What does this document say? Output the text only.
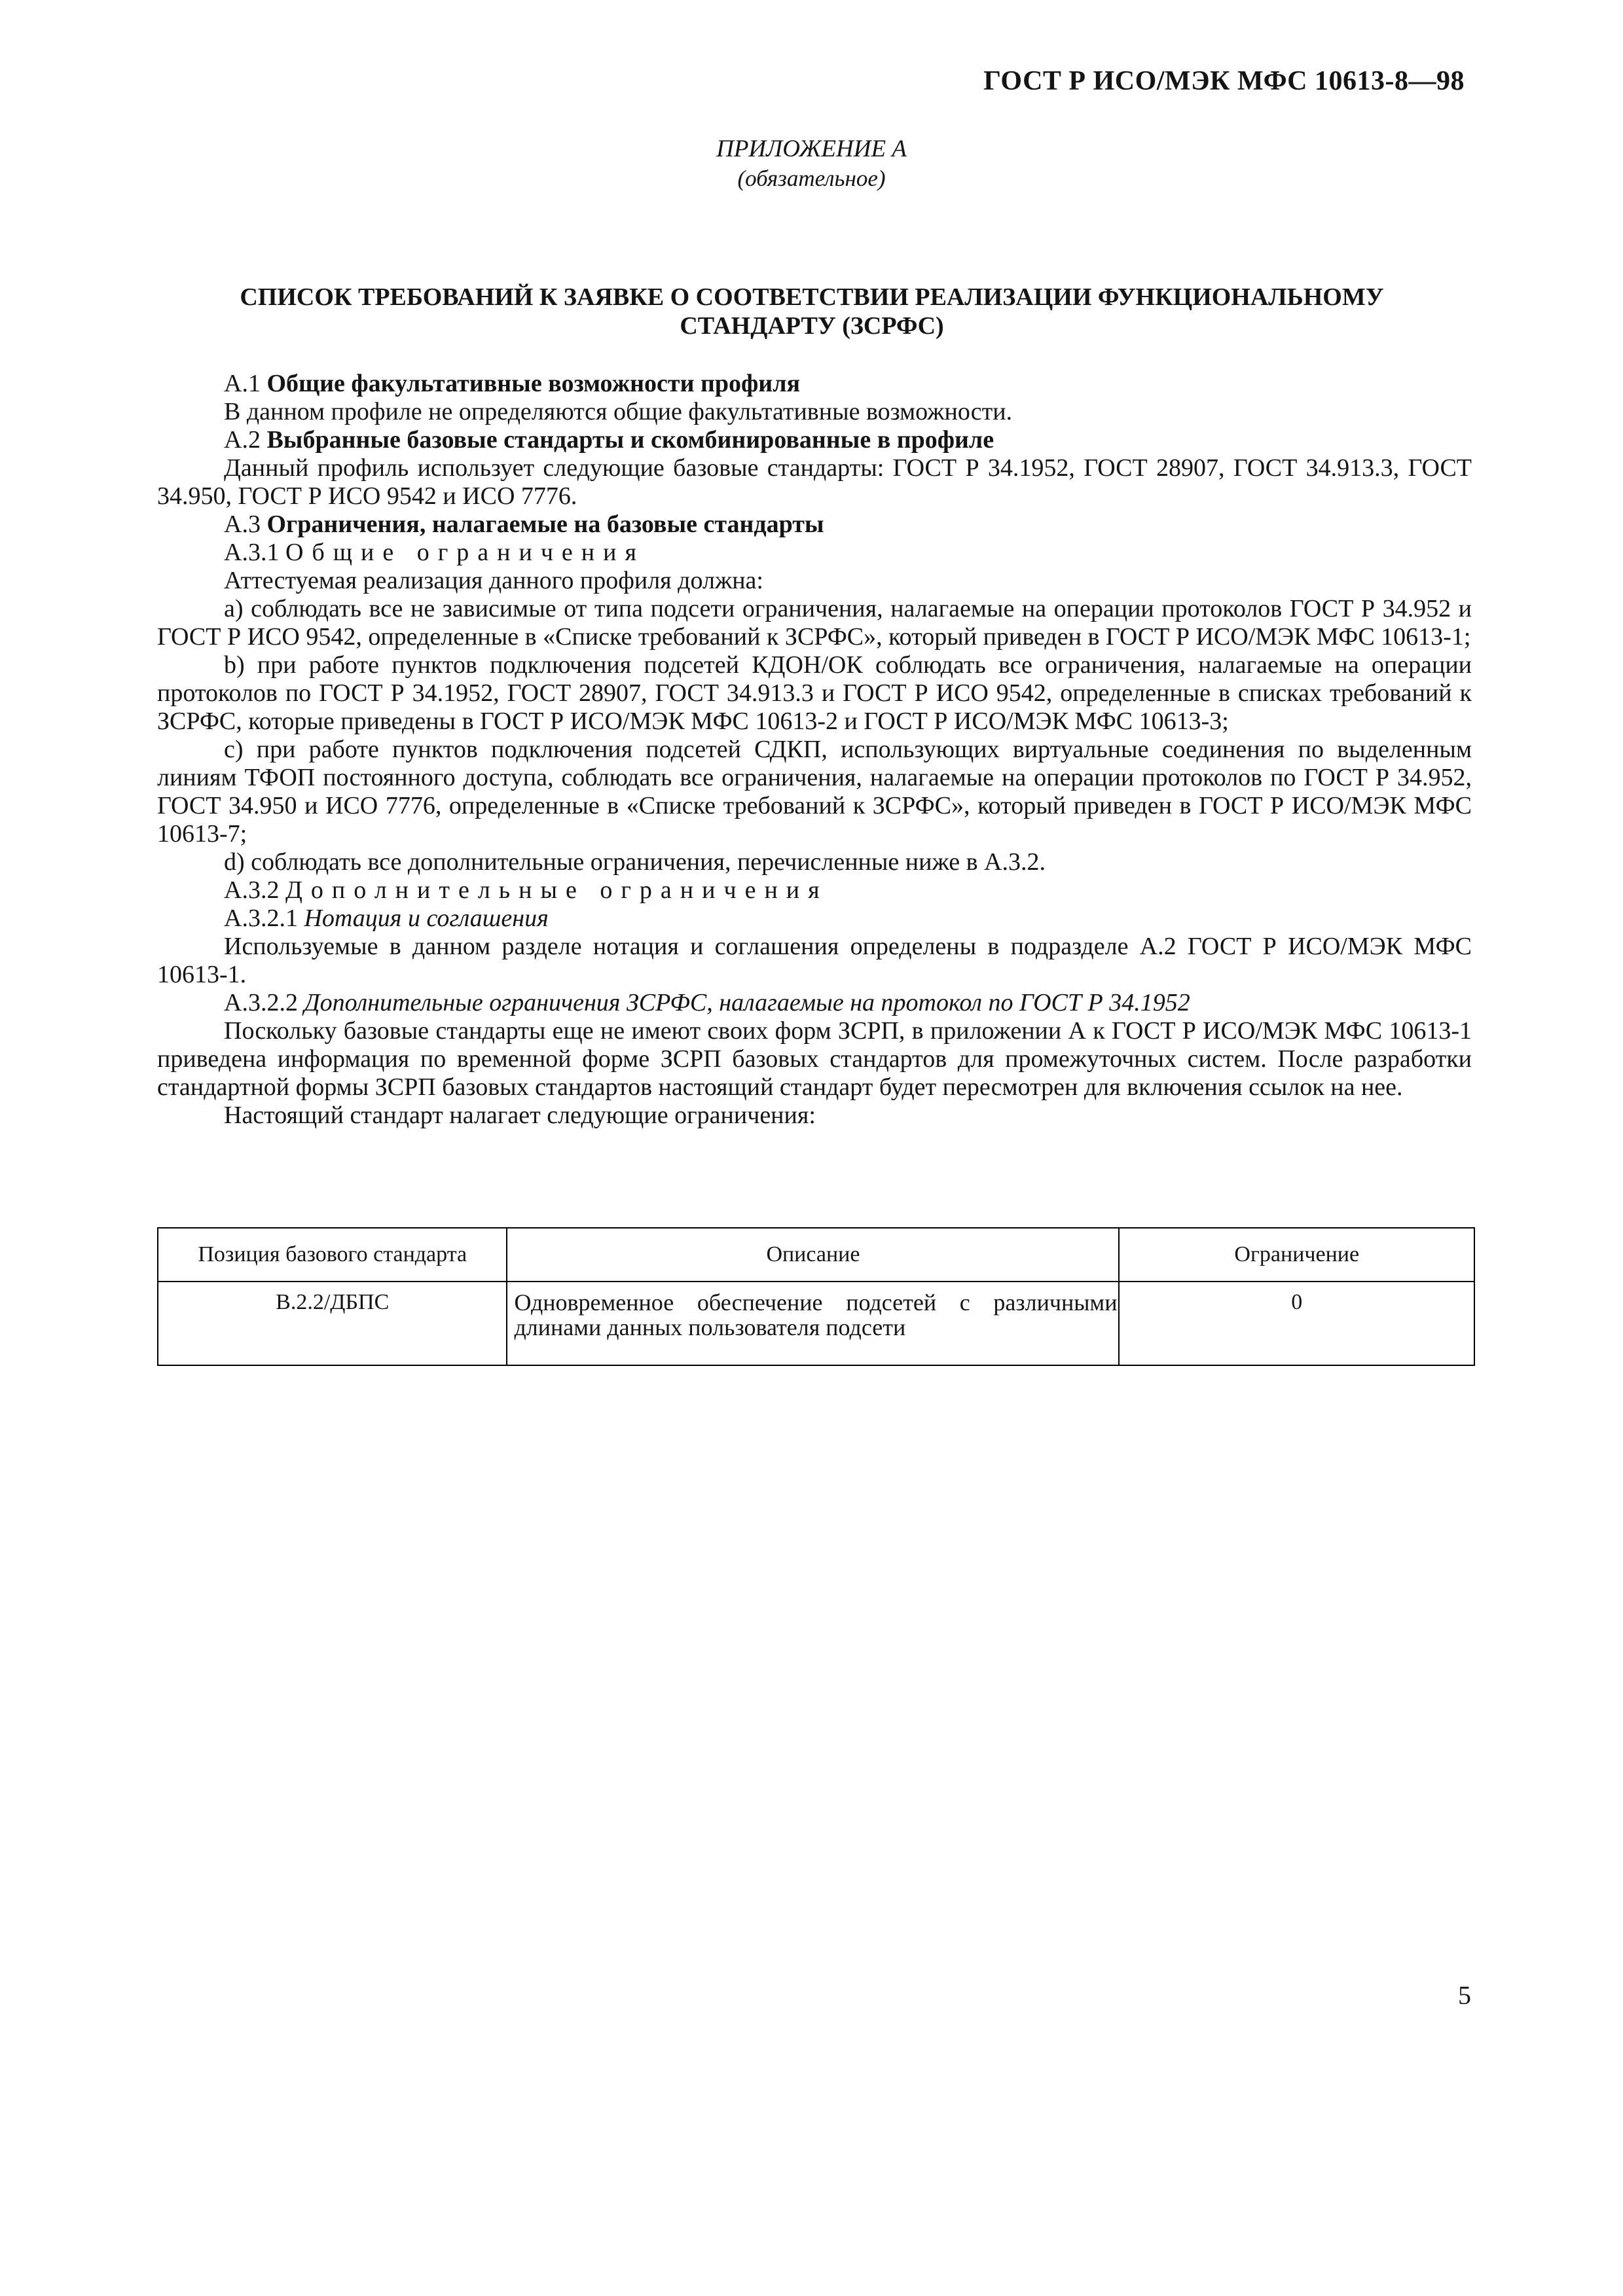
ГОСТ Р ИСО/МЭК МФС 10613-8—98
ПРИЛОЖЕНИЕ А
(обязательное)
СПИСОК ТРЕБОВАНИЙ К ЗАЯВКЕ О СООТВЕТСТВИИ РЕАЛИЗАЦИИ ФУНКЦИОНАЛЬНОМУ СТАНДАРТУ (ЗСРФС)

А.1 Общие факультативные возможности профиля

В данном профиле не определяются общие факультативные возможности.

А.2 Выбранные базовые стандарты и скомбинированные в профиле

Данный профиль использует следующие базовые стандарты: ГОСТ Р 34.1952, ГОСТ 28907, ГОСТ 34.913.3, ГОСТ 34.950, ГОСТ Р ИСО 9542 и ИСО 7776.

А.3 Ограничения, налагаемые на базовые стандарты

А.3.1 Общие ограничения

Аттестуемая реализация данного профиля должна:

a) соблюдать все не зависимые от типа подсети ограничения, налагаемые на операции протоколов ГОСТ Р 34.952 и ГОСТ Р ИСО 9542, определенные в «Списке требований к ЗСРФС», который приведен в ГОСТ Р ИСО/МЭК МФС 10613-1;

b) при работе пунктов подключения подсетей КДОН/ОК соблюдать все ограничения, налагаемые на операции протоколов по ГОСТ Р 34.1952, ГОСТ 28907, ГОСТ 34.913.3 и ГОСТ Р ИСО 9542, определенные в списках требований к ЗСРФС, которые приведены в ГОСТ Р ИСО/МЭК МФС 10613-2 и ГОСТ Р ИСО/МЭК МФС 10613-3;

c) при работе пунктов подключения подсетей СДКП, использующих виртуальные соединения по выделенным линиям ТФОП постоянного доступа, соблюдать все ограничения, налагаемые на операции протоколов по ГОСТ Р 34.952, ГОСТ 34.950 и ИСО 7776, определенные в «Списке требований к ЗСРФС», который приведен в ГОСТ Р ИСО/МЭК МФС 10613-7;

d) соблюдать все дополнительные ограничения, перечисленные ниже в А.3.2.

А.3.2 Дополнительные ограничения

А.3.2.1 Нотация и соглашения

Используемые в данном разделе нотация и соглашения определены в подразделе А.2 ГОСТ Р ИСО/МЭК МФС 10613-1.

А.3.2.2 Дополнительные ограничения ЗСРФС, налагаемые на протокол по ГОСТ Р 34.1952

Поскольку базовые стандарты еще не имеют своих форм ЗСРП, в приложении А к ГОСТ Р ИСО/МЭК МФС 10613-1 приведена информация по временной форме ЗСРП базовых стандартов для промежуточных систем. После разработки стандартной формы ЗСРП базовых стандартов настоящий стандарт будет пересмотрен для включения ссылок на нее.

Настоящий стандарт налагает следующие ограничения:

Позиция базового стандарта	Описание	Ограничение
В.2.2/ДБПС	Одновременное обеспечение подсетей с различными длинами данных пользователя подсети	0
5
